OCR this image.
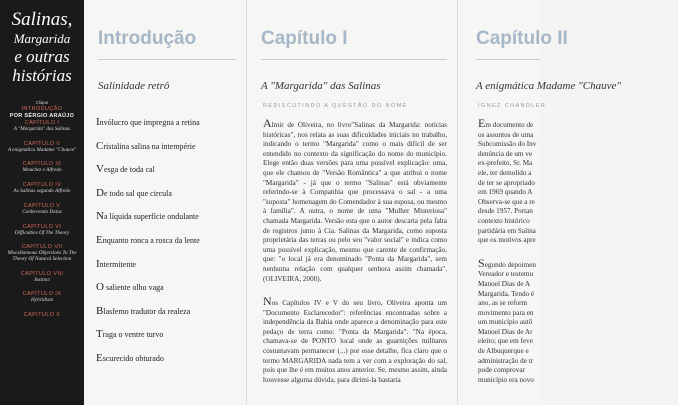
Salinas,
Margarida
e outras
histórias
Clique
INTRODUÇÃO
POR SÉRGIO ARAÚJO
CAPÍTULO I
A "Margarida" das Salinas
CAPÍTULO II
A enigmática Madame "Chauve"
CAPÍTULO III
Mouchez e Alfredo
CAPÍTULO IV
As Salinas segundo Alfredo
CAPÍTULO V
Conhecendo Datas
CAPÍTULO VI
Difficulties Of The Theory
CAPÍTULO VII
Miscellaneous Objections To The Theory Of Natural Selection
CAPÍTULO VIII
Instinct
CAPÍTULO IX
Hybridism
CAPÍTULO X
Introdução
Salinidade retrô
Invólucro que impregna a retina
Cristalina salina na intempérie
Vesga de toda cal
De todo sal que circula
Na líquida superfície ondulante
Enquanto ronca a rosca da lente
Intermitente
O saliente olho vaga
Blasfemo tradutor da realeza
Traga o ventre turvo
Escurecido obturado
Capítulo I
A "Margarida" das Salinas
REDISCUTINDO A QUESTÃO DO NOME

Almir de Oliveira, no livro"Salinas da Margarida: notícias históricas", nos relata as suas dificuldades iniciais no trabalho, indicando o termo "Margarida" como o mais difícil de ser entendido no contexto da significação do nome do município. Elege então duas versões para uma possível explicação: uma, que ele chamou de "Versão Romântica" a que atribui o nome "Margarida" - já que o termo "Salinas" está obviamente referindo-se à Companhia que processava o sal - a uma "suposta" homenagem do Comendador à sua esposa, ou mesmo à família". A outra, o nome de uma "Mulher Misteriosa" chamada Margarida. Versão esta que o autor descarta pela falta de registros junto à Cia. Salinas da Margarida, como suposta proprietária das terras ou pelo seu "valor social" e indica como uma possível explicação, mesmo que carente de confirmação, que: "o local já era denominado "Ponta da Margarida", sem nenhuma relação com qualquer senhora assim chamada". (OLIVEIRA, 2000).

Nos Capítulos IV e V do seu livro, Oliveira aponta um "Documento Esclarecedor": referências encontradas sobre a independência da Bahia onde aparece a denominação para este pedaço de terra como: "Ponta da Margarida". "Na época, chamava-se de PONTO local onde as guarnições militares costumavam permanecer (...) por esse detalhe, fica claro que o termo MARGARIDA nada tem a ver com a exploração do sal, pois que lhe é em muitos anos anterior. Se, mesmo assim, ainda houvesse alguma dúvida, para dirimi-la bastaria

Capítulo II
A enigmática Madame "Chauve"
IGNEZ CHANDLER

Em documento de os assuntos de uma Subcomissão do Inv denúncia de um ve ex-prefeito, Sr. Ma ele, ter demolido a de ter se apropriado em 1969 quando A Observa-se que a re desde 1957. Portan contexto histórico partidária em Salina que os motivos apre

Segundo depoimen Vereador e testemu Manoel Dias de A Margarida. Tendo é ano, as se reform movimento para en um município autô Manoel Dias de Ar eleito; que em feve de Albuquerque e administração de tr pode comprovar município era novo
